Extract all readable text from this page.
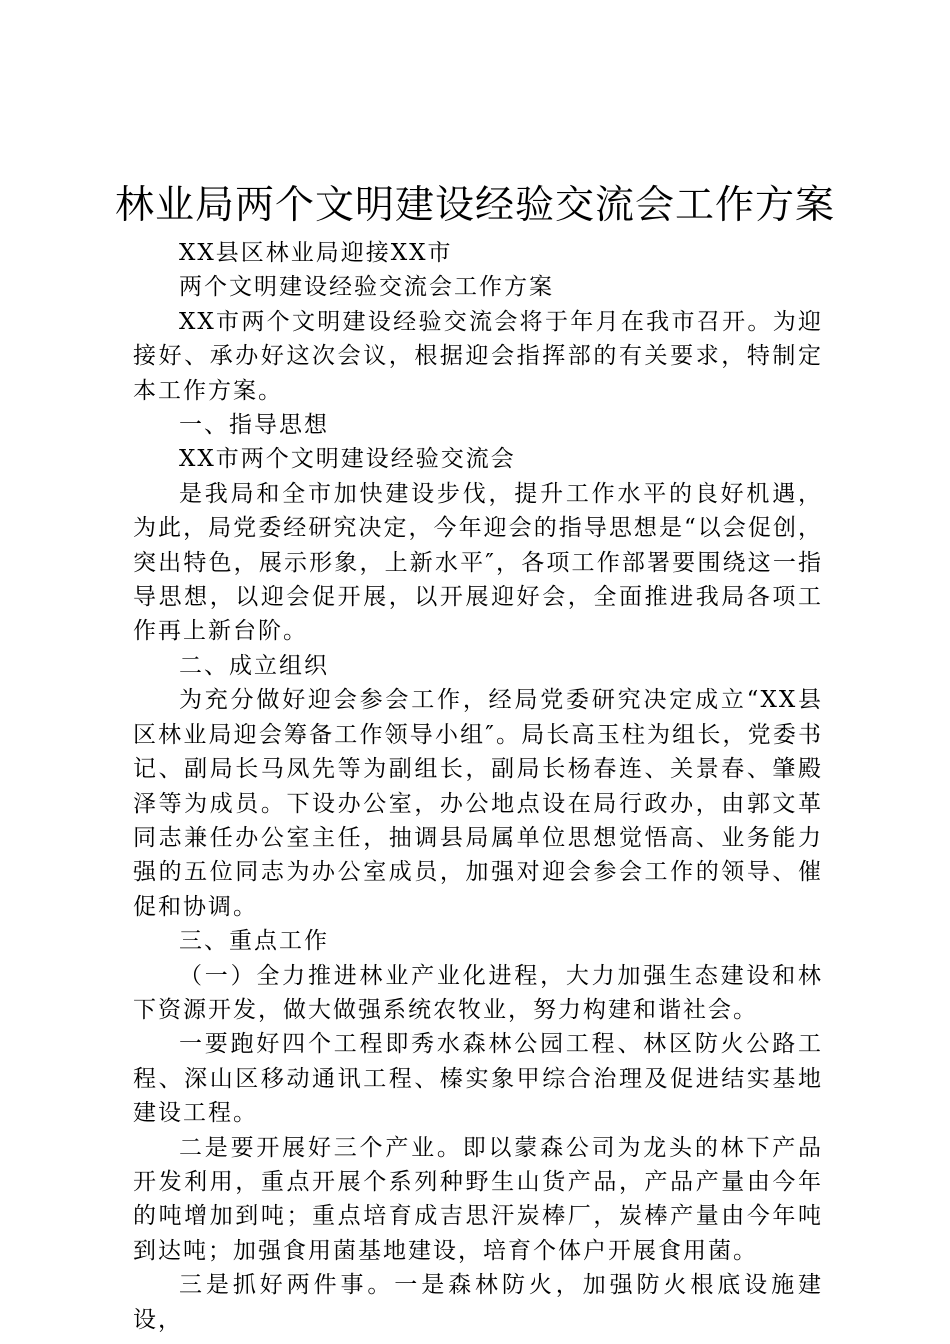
林业局两个文明建设经验交流会工作方案

XX县区林业局迎接XX市

两个文明建设经验交流会工作方案

XX市两个文明建设经验交流会将于年月在我市召开。为迎接好、承办好这次会议，根据迎会指挥部的有关要求，特制定本工作方案。

一、指导思想

XX市两个文明建设经验交流会

是我局和全市加快建设步伐，提升工作水平的良好机遇，为此，局党委经研究决定，今年迎会的指导思想是“以会促创，突出特色，展示形象，上新水平″，各项工作部署要围绕这一指导思想，以迎会促开展，以开展迎好会，全面推进我局各项工作再上新台阶。

二、成立组织

为充分做好迎会参会工作，经局党委研究决定成立“XX县区林业局迎会筹备工作领导小组″。局长高玉柱为组长，党委书记、副局长马凤先等为副组长，副局长杨春连、关景春、肇殿泽等为成员。下设办公室，办公地点设在局行政办，由郭文革同志兼任办公室主任，抽调县局属单位思想觉悟高、业务能力强的五位同志为办公室成员，加强对迎会参会工作的领导、催促和协调。

三、重点工作

（一）全力推进林业产业化进程，大力加强生态建设和林下资源开发，做大做强系统农牧业，努力构建和谐社会。

一要跑好四个工程即秀水森林公园工程、林区防火公路工程、深山区移动通讯工程、榛实象甲综合治理及促进结实基地建设工程。

二是要开展好三个产业。即以蒙森公司为龙头的林下产品开发利用，重点开展个系列种野生山货产品，产品产量由今年的吨增加到吨；重点培育成吉思汗炭棒厂，炭棒产量由今年吨到达吨；加强食用菌基地建设，培育个体户开展食用菌。

三是抓好两件事。一是森林防火，加强防火根底设施建设，
